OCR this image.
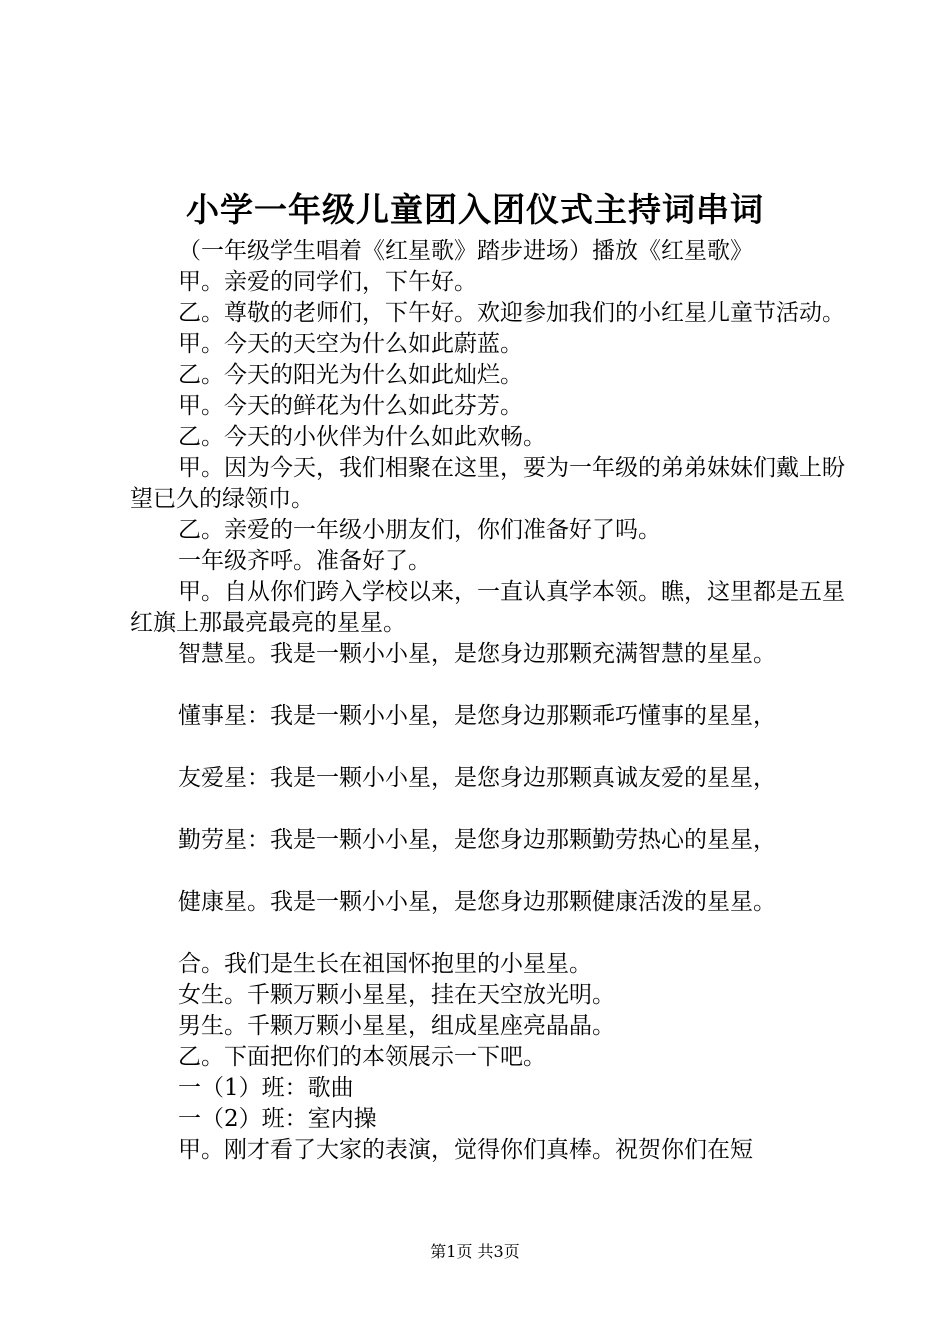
小学一年级儿童团入团仪式主持词串词

（一年级学生唱着《红星歌》踏步进场）播放《红星歌》

甲。亲爱的同学们，下午好。

乙。尊敬的老师们，下午好。欢迎参加我们的小红星儿童节活动。

甲。今天的天空为什么如此蔚蓝。

乙。今天的阳光为什么如此灿烂。

甲。今天的鲜花为什么如此芬芳。

乙。今天的小伙伴为什么如此欢畅。

甲。因为今天，我们相聚在这里，要为一年级的弟弟妹妹们戴上盼望已久的绿领巾。

乙。亲爱的一年级小朋友们，你们准备好了吗。

一年级齐呼。准备好了。

甲。自从你们跨入学校以来，一直认真学本领。瞧，这里都是五星红旗上那最亮最亮的星星。

智慧星。我是一颗小小星，是您身边那颗充满智慧的星星。

懂事星：我是一颗小小星，是您身边那颗乖巧懂事的星星，

友爱星：我是一颗小小星，是您身边那颗真诚友爱的星星，

勤劳星：我是一颗小小星，是您身边那颗勤劳热心的星星，

健康星。我是一颗小小星，是您身边那颗健康活泼的星星。

合。我们是生长在祖国怀抱里的小星星。

女生。千颗万颗小星星，挂在天空放光明。

男生。千颗万颗小星星，组成星座亮晶晶。

乙。下面把你们的本领展示一下吧。

一（1）班：歌曲

一（2）班：室内操

甲。刚才看了大家的表演，觉得你们真棒。祝贺你们在短

第1页 共3页
